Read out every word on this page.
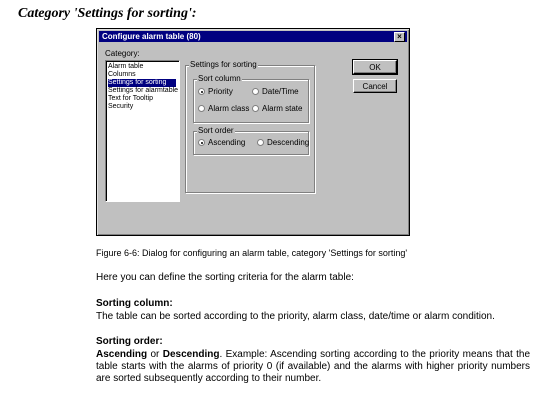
Category 'Settings for sorting':
Configure alarm table (80)	×
Category:
Alarm table
Columns
Settings for sorting
Settings for alarmtable
Text for Tooltip
Security
Settings for sorting
Sort column
Priority	Date/Time
Alarm class Alarm state
Sort order
Ascending	Descending
OK
Cancel
Figure 6-6: Dialog for configuring an alarm table, category 'Settings for sorting'
Here you can define the sorting criteria for the alarm table:
Sorting column:
The table can be sorted according to the priority, alarm class, date/time or alarm condition.
Sorting order:
Ascending or Descending. Example: Ascending sorting according to the priority means that the table starts with the alarms of priority 0 (if available) and the alarms with higher priority numbers are sorted subsequently according to their number.
